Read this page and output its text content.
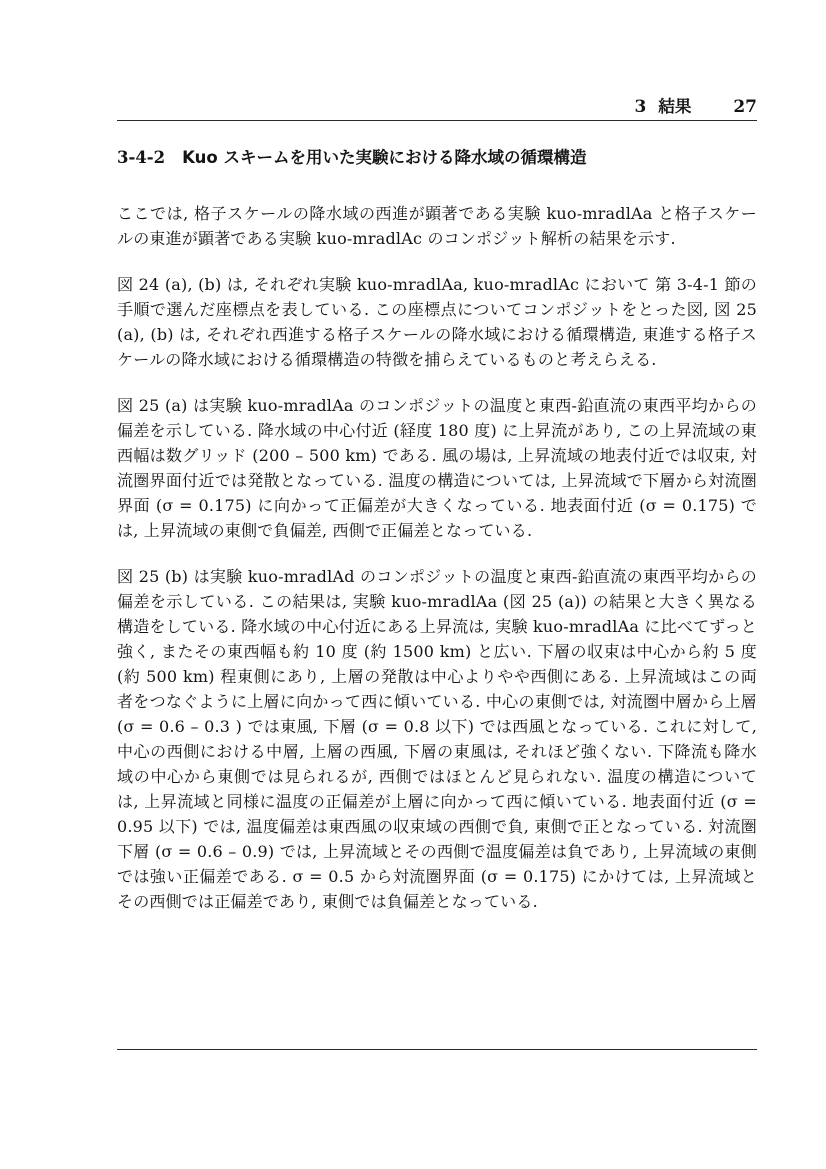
3 結果 27
3-4-2 Kuo スキームを用いた実験における降水域の循環構造

ここでは, 格子スケールの降水域の西進が顕著である実験 kuo-mradlAa と格子スケールの東進が顕著である実験 kuo-mradlAc のコンポジット解析の結果を示す.

図 24 (a), (b) は, それぞれ実験 kuo-mradlAa, kuo-mradlAc において 第 3-4-1 節の手順で選んだ座標点を表している. この座標点についてコンポジットをとった図, 図 25 (a), (b) は, それぞれ西進する格子スケールの降水域における循環構造, 東進する格子スケールの降水域における循環構造の特徴を捕らえているものと考えらえる.

図 25 (a) は実験 kuo-mradlAa のコンポジットの温度と東西-鉛直流の東西平均からの偏差を示している. 降水域の中心付近 (経度 180 度) に上昇流があり, この上昇流域の東西幅は数グリッド (200 – 500 km) である. 風の場は, 上昇流域の地表付近では収束, 対流圏界面付近では発散となっている. 温度の構造については, 上昇流域で下層から対流圏界面 (σ = 0.175) に向かって正偏差が大きくなっている. 地表面付近 (σ = 0.175) では, 上昇流域の東側で負偏差, 西側で正偏差となっている.

図 25 (b) は実験 kuo-mradlAd のコンポジットの温度と東西-鉛直流の東西平均からの偏差を示している. この結果は, 実験 kuo-mradlAa (図 25 (a)) の結果と大きく異なる構造をしている. 降水域の中心付近にある上昇流は, 実験 kuo-mradlAa に比べてずっと強く, またその東西幅も約 10 度 (約 1500 km) と広い. 下層の収束は中心から約 5 度 (約 500 km) 程東側にあり, 上層の発散は中心よりやや西側にある. 上昇流域はこの両者をつなぐように上層に向かって西に傾いている. 中心の東側では, 対流圏中層から上層 (σ = 0.6 – 0.3 ) では東風, 下層 (σ = 0.8 以下) では西風となっている. これに対して, 中心の西側における中層, 上層の西風, 下層の東風は, それほど強くない. 下降流も降水域の中心から東側では見られるが, 西側ではほとんど見られない. 温度の構造については, 上昇流域と同様に温度の正偏差が上層に向かって西に傾いている. 地表面付近 (σ = 0.95 以下) では, 温度偏差は東西風の収束域の西側で負, 東側で正となっている. 対流圏下層 (σ = 0.6 – 0.9) では, 上昇流域とその西側で温度偏差は負であり, 上昇流域の東側では強い正偏差である. σ = 0.5 から対流圏界面 (σ = 0.175) にかけては, 上昇流域とその西側では正偏差であり, 東側では負偏差となっている.
